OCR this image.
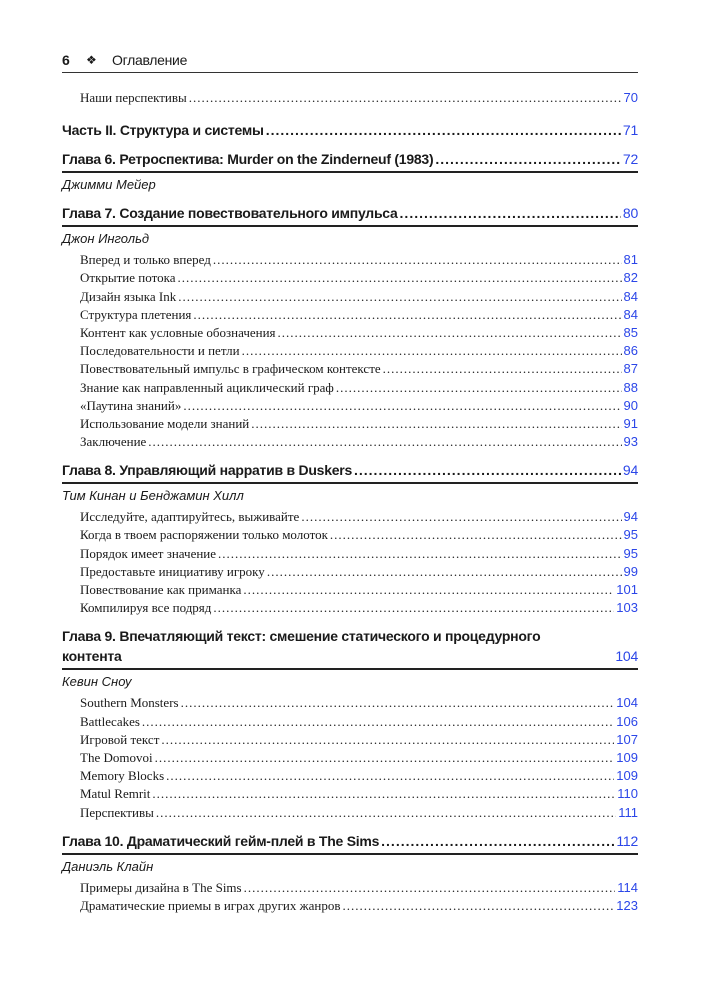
6	❖	Оглавление
Наши перспективы .....	70
Часть II. Структура и системы .....	71
Глава 6. Ретроспектива: Murder on the Zinderneuf (1983) .....	72
Джимми Мейер
Глава 7. Создание повествовательного импульса .....	80
Джон Ингольд
Вперед и только вперед .....	81
Открытие потока .....	82
Дизайн языка Ink .....	84
Структура плетения .....	84
Контент как условные обозначения .....	85
Последовательности и петли .....	86
Повествовательный импульс в графическом контексте .....	87
Знание как направленный ациклический граф .....	88
«Паутина знаний» .....	90
Использование модели знаний .....	91
Заключение .....	93
Глава 8. Управляющий нарратив в Duskers .....	94
Тим Кинан и Бенджамин Хилл
Исследуйте, адаптируйтесь, выживайте .....	94
Когда в твоем распоряжении только молоток .....	95
Порядок имеет значение .....	95
Предоставьте инициативу игроку .....	99
Повествование как приманка .....	101
Компилируя все подряд .....	103
Глава 9. Впечатляющий текст: смешение статического и процедурного
контента	104
Кевин Сноу
Southern Monsters .....	104
Battlecakes .....	106
Игровой текст .....	107
The Domovoi .....	109
Memory Blocks .....	109
Matul Remrit .....	110
Перспективы .....	111
Глава 10. Драматический гейм-плей в The Sims .....	112
Даниэль Клайн
Примеры дизайна в The Sims .....	114
Драматические приемы в играх других жанров .....	123
